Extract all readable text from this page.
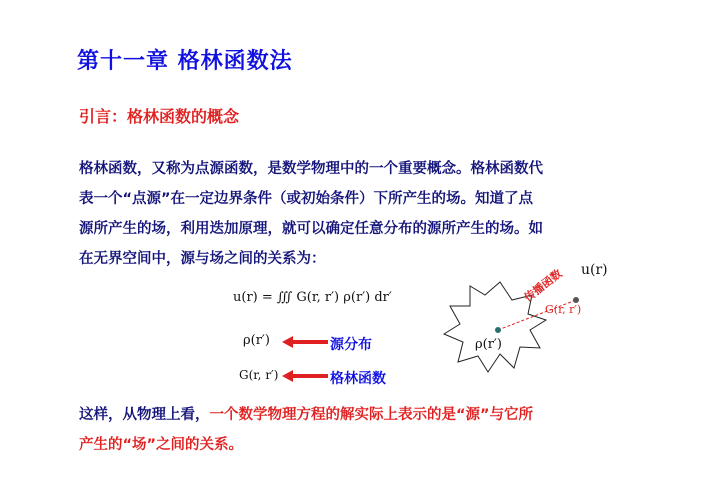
第十一章 格林函数法
引言：格林函数的概念
格林函数，又称为点源函数，是数学物理中的一个重要概念。格林函数代
表一个“点源”在一定边界条件（或初始条件）下所产生的场。知道了点
源所产生的场，利用迭加原理，就可以确定任意分布的源所产生的场。如
在无界空间中，源与场之间的关系为：
u(r) = ∭ G(r, r′) ρ(r′) dr′
ρ(r′)	源分布
G(r, r′)	格林函数
u(r)
传播函数
G(r, r′)
ρ(r′)
这样，从物理上看，一个数学物理方程的解实际上表示的是“源”与它所
产生的“场”之间的关系。
